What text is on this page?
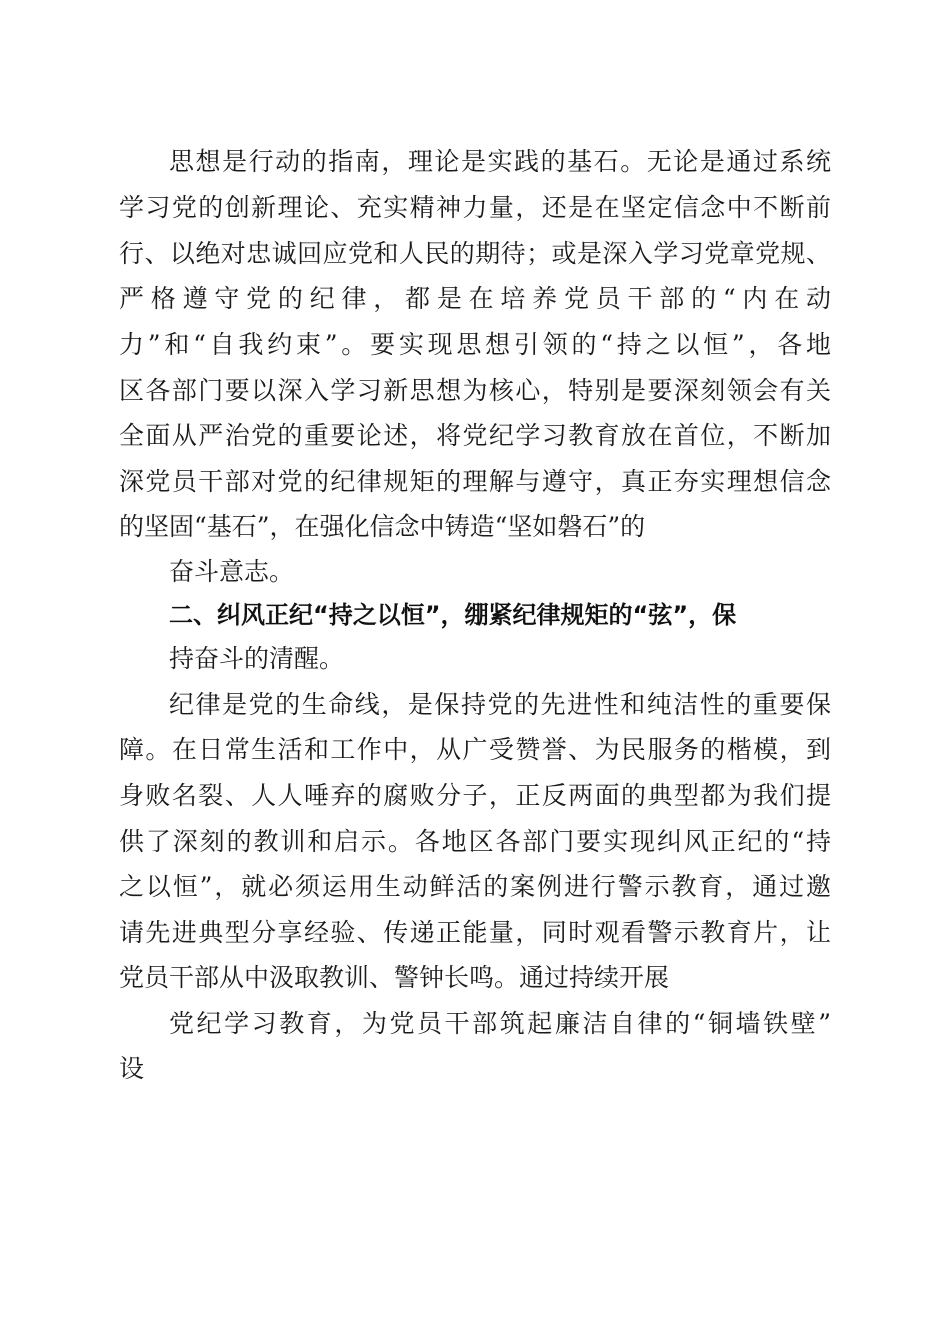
思想是行动的指南，理论是实践的基石。无论是通过系统

学习党的创新理论、充实精神力量，还是在坚定信念中不断前

行、以绝对忠诚回应党和人民的期待；或是深入学习党章党规、

严格遵守党的纪律，都是在培养党员干部的“内在动

力”和“自我约束”。要实现思想引领的“持之以恒”，各地

区各部门要以深入学习新思想为核心，特别是要深刻领会有关

全面从严治党的重要论述，将党纪学习教育放在首位，不断加

深党员干部对党的纪律规矩的理解与遵守，真正夯实理想信念

的坚固“基石”，在强化信念中铸造“坚如磐石”的

奋斗意志。

二、纠风正纪“持之以恒”，绷紧纪律规矩的“弦”，保

持奋斗的清醒。

纪律是党的生命线，是保持党的先进性和纯洁性的重要保

障。在日常生活和工作中，从广受赞誉、为民服务的楷模，到

身败名裂、人人唾弃的腐败分子，正反两面的典型都为我们提

供了深刻的教训和启示。各地区各部门要实现纠风正纪的“持

之以恒”，就必须运用生动鲜活的案例进行警示教育，通过邀

请先进典型分享经验、传递正能量，同时观看警示教育片，让

党员干部从中汲取教训、警钟长鸣。通过持续开展

党纪学习教育，为党员干部筑起廉洁自律的“铜墙铁壁”

设
